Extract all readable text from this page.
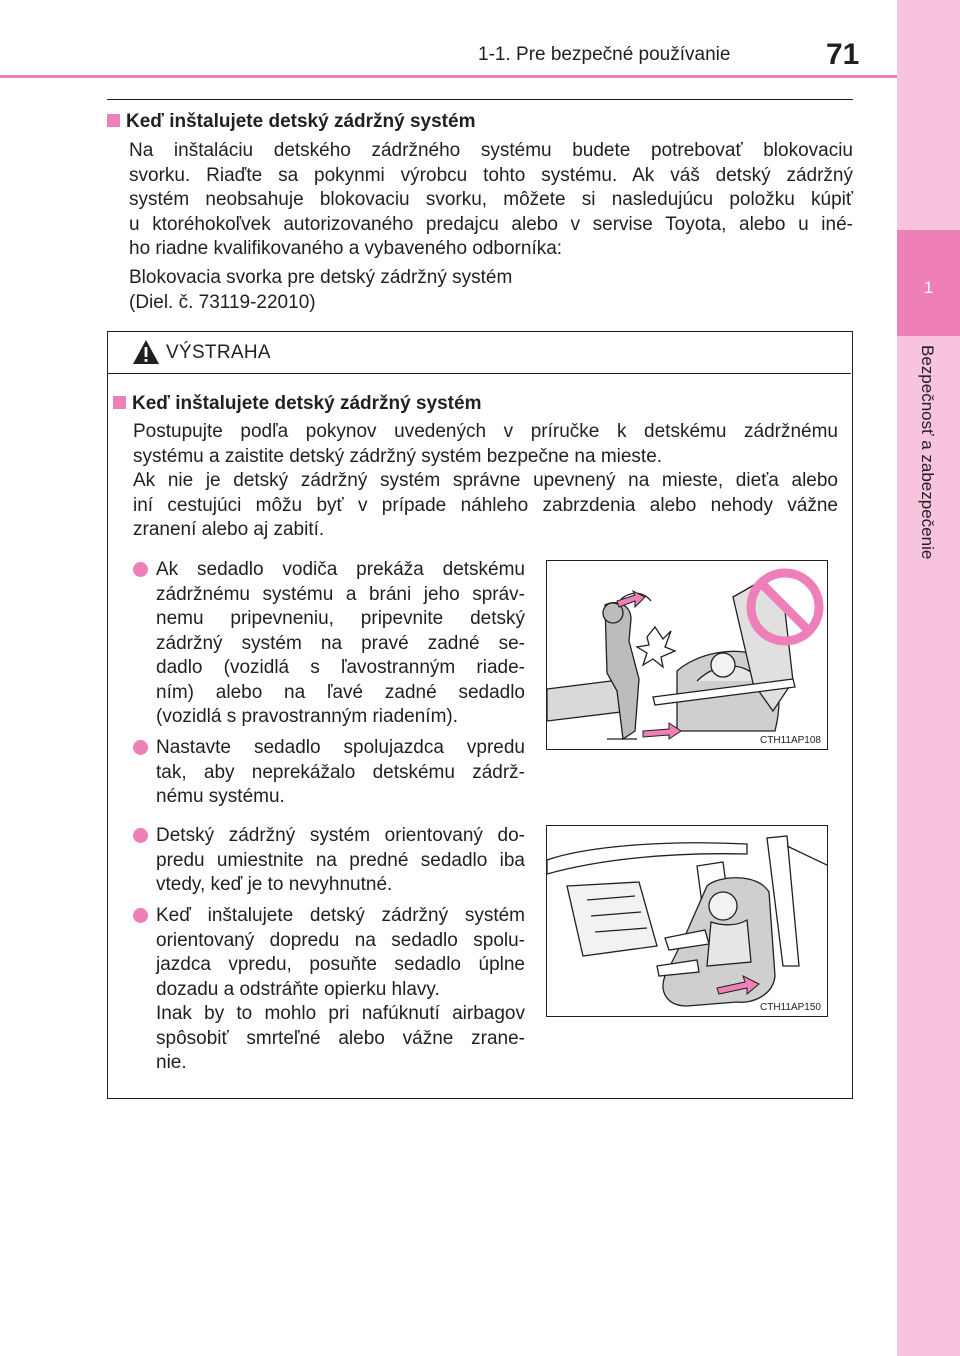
1-1. Pre bezpečné používanie	71
1
Bezpečnosť a zabezpečenie
Keď inštalujete detský zádržný systém
Na inštaláciu detského zádržného systému budete potrebovať blokovaciu
svorku. Riaďte sa pokynmi výrobcu tohto systému. Ak váš detský zádržný
systém neobsahuje blokovaciu svorku, môžete si nasledujúcu položku kúpiť
u ktoréhokoľvek autorizovaného predajcu alebo v servise Toyota, alebo u iné-
ho riadne kvalifikovaného a vybaveného odborníka:
Blokovacia svorka pre detský zádržný systém
(Diel. č. 73119-22010)
VÝSTRAHA
Keď inštalujete detský zádržný systém
Postupujte podľa pokynov uvedených v príručke k detskému zádržnému
systému a zaistite detský zádržný systém bezpečne na mieste.
Ak nie je detský zádržný systém správne upevnený na mieste, dieťa alebo
iní cestujúci môžu byť v prípade náhleho zabrzdenia alebo nehody vážne
zranení alebo aj zabití.
Ak sedadlo vodiča prekáža detskému
zádržnému systému a bráni jeho správ-
nemu pripevneniu, pripevnite detský
zádržný systém na pravé zadné se-
dadlo (vozidlá s ľavostranným riade-
ním) alebo na ľavé zadné sedadlo
(vozidlá s pravostranným riadením).
Nastavte sedadlo spolujazdca vpredu
tak, aby neprekážalo detskému zádrž-
nému systému.
CTH11AP108
Detský zádržný systém orientovaný do-
predu umiestnite na predné sedadlo iba
vtedy, keď je to nevyhnutné.
Keď inštalujete detský zádržný systém
orientovaný dopredu na sedadlo spolu-
jazdca vpredu, posuňte sedadlo úplne
dozadu a odstráňte opierku hlavy.
Inak by to mohlo pri nafúknutí airbagov
spôsobiť smrteľné alebo vážne zrane-
nie.
CTH11AP150
